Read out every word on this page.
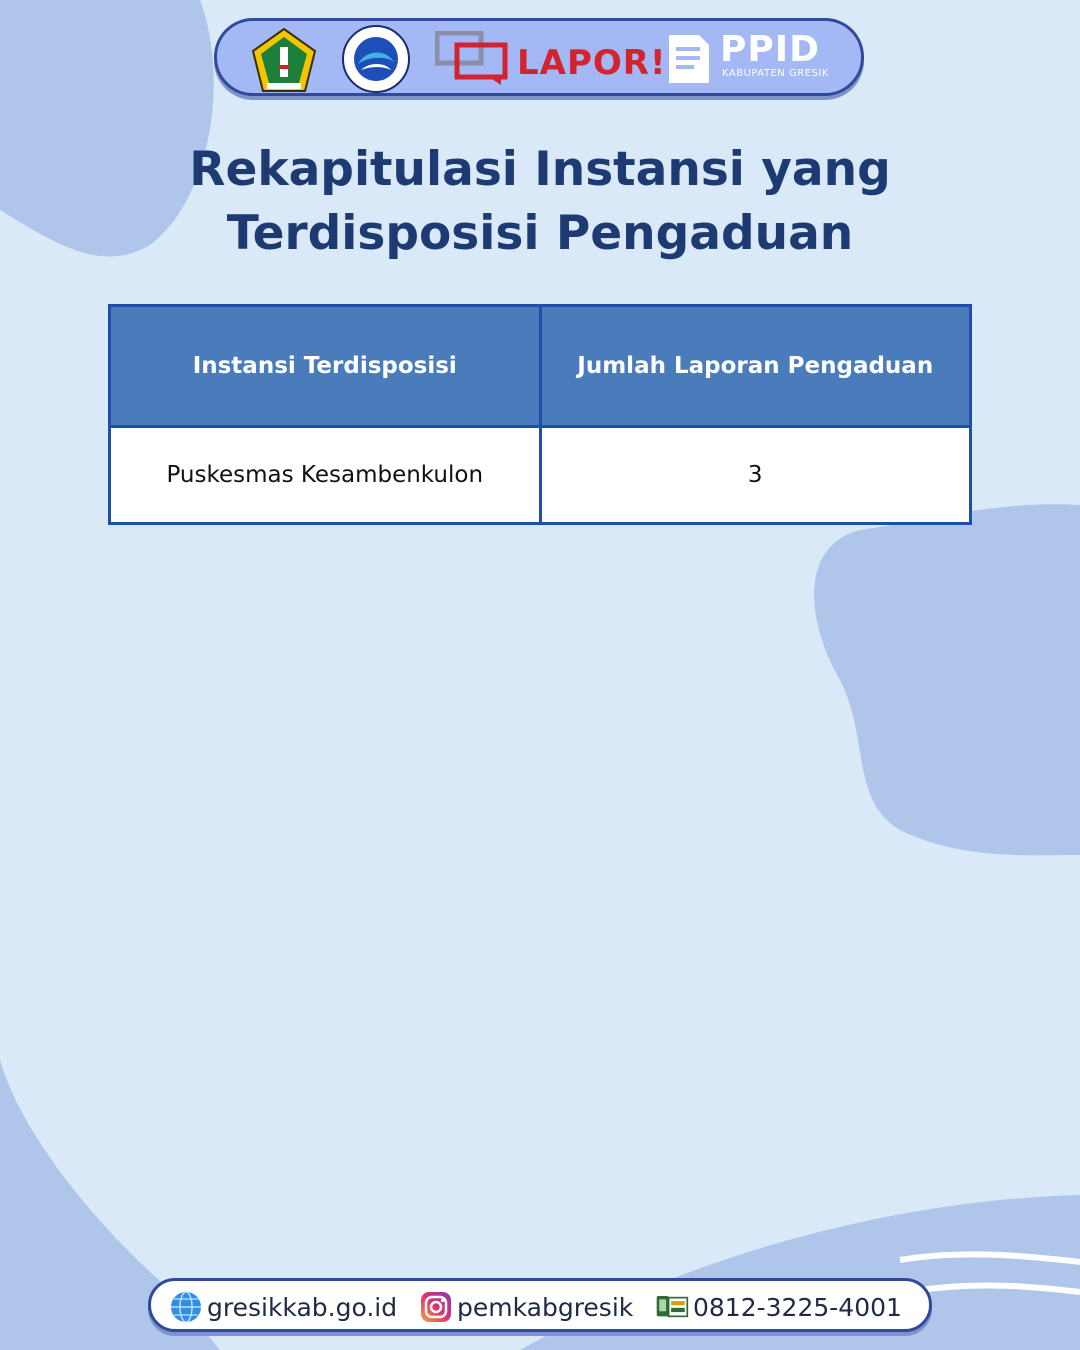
LAPOR! PPID
KABUPATEN GRESIK
Rekapitulasi Instansi yang
Terdisposisi Pengaduan
Instansi Terdisposisi	Jumlah Laporan Pengaduan
Puskesmas Kesambenkulon	3
gresikkab.go.id pemkabgresik 0812-3225-4001
